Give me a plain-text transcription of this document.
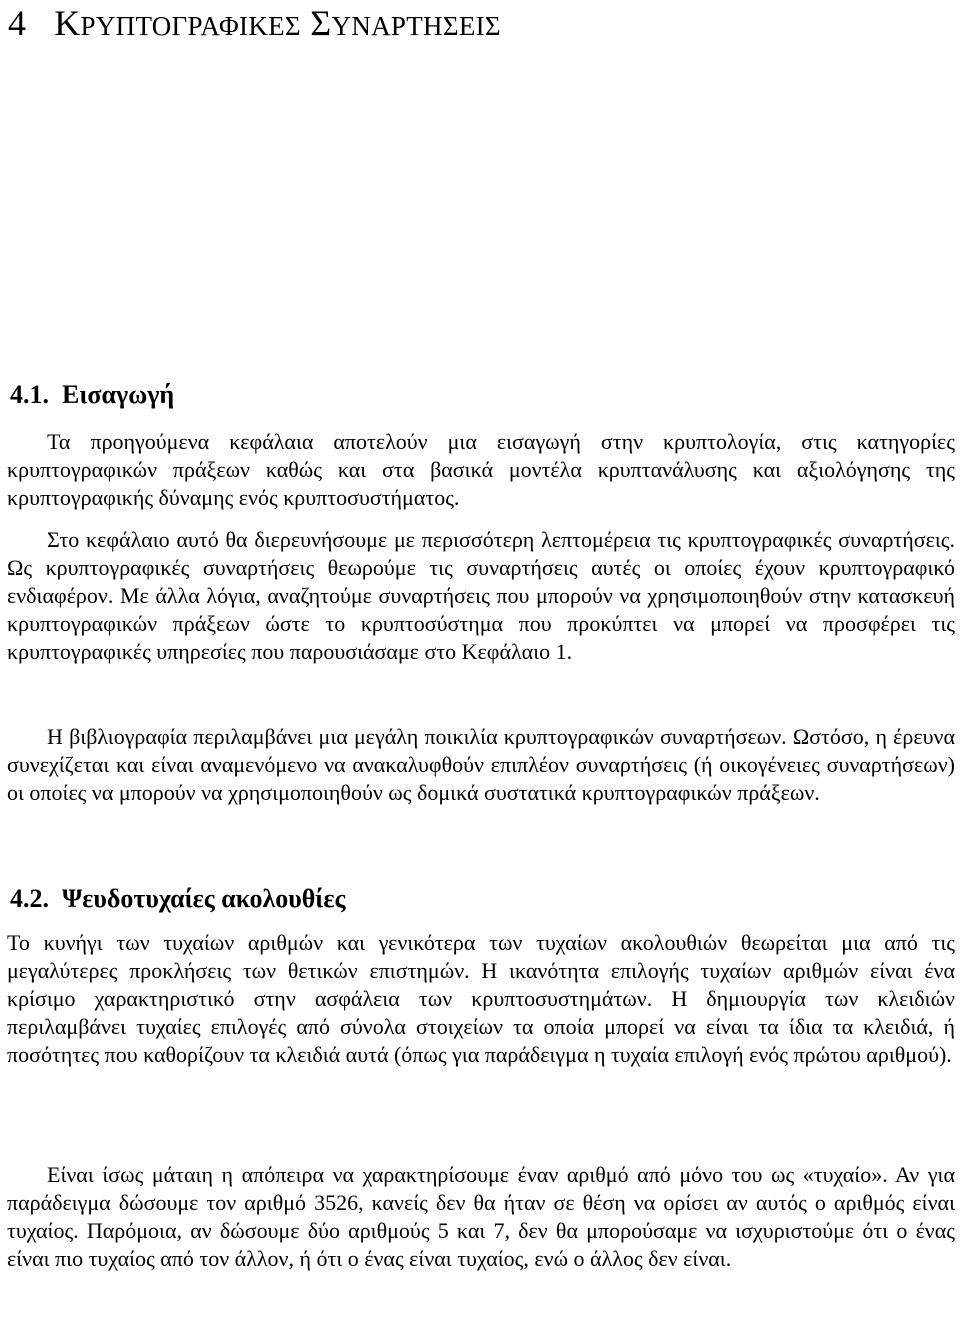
4 ΚΡΥΠΤΟΓΡΑΦΙΚΕΣ ΣΥΝΑΡΤΗΣΕΙΣ
4.1. Εισαγωγή

Τα προηγούμενα κεφάλαια αποτελούν μια εισαγωγή στην κρυπτολογία, στις κατηγορίες κρυπτογραφικών πράξεων καθώς και στα βασικά μοντέλα κρυπτανάλυσης και αξιολόγησης της κρυπτογραφικής δύναμης ενός κρυπτοσυστήματος.

Στο κεφάλαιο αυτό θα διερευνήσουμε με περισσότερη λεπτομέρεια τις κρυπτογραφικές συναρτήσεις. Ως κρυπτογραφικές συναρτήσεις θεωρούμε τις συναρτήσεις αυτές οι οποίες έχουν κρυπτογραφικό ενδιαφέρον. Με άλλα λόγια, αναζητούμε συναρτήσεις που μπορούν να χρησιμοποιηθούν στην κατασκευή κρυπτογραφικών πράξεων ώστε το κρυπτοσύστημα που προκύπτει να μπορεί να προσφέρει τις κρυπτογραφικές υπηρεσίες που παρουσιάσαμε στο Κεφάλαιο 1.

Η βιβλιογραφία περιλαμβάνει μια μεγάλη ποικιλία κρυπτογραφικών συναρτήσεων. Ωστόσο, η έρευνα συνεχίζεται και είναι αναμενόμενο να ανακαλυφθούν επιπλέον συναρτήσεις (ή οικογένειες συναρτήσεων) οι οποίες να μπορούν να χρησιμοποιηθούν ως δομικά συστατικά κρυπτογραφικών πράξεων.

4.2. Ψευδοτυχαίες ακολουθίες

Το κυνήγι των τυχαίων αριθμών και γενικότερα των τυχαίων ακολουθιών θεωρείται μια από τις μεγαλύτερες προκλήσεις των θετικών επιστημών. Η ικανότητα επιλογής τυχαίων αριθμών είναι ένα κρίσιμο χαρακτηριστικό στην ασφάλεια των κρυπτοσυστημάτων. Η δημιουργία των κλειδιών περιλαμβάνει τυχαίες επιλογές από σύνολα στοιχείων τα οποία μπορεί να είναι τα ίδια τα κλειδιά, ή ποσότητες που καθορίζουν τα κλειδιά αυτά (όπως για παράδειγμα η τυχαία επιλογή ενός πρώτου αριθμού).

Είναι ίσως μάταιη η απόπειρα να χαρακτηρίσουμε έναν αριθμό από μόνο του ως «τυχαίο». Αν για παράδειγμα δώσουμε τον αριθμό 3526, κανείς δεν θα ήταν σε θέση να ορίσει αν αυτός ο αριθμός είναι τυχαίος. Παρόμοια, αν δώσουμε δύο αριθμούς 5 και 7, δεν θα μπορούσαμε να ισχυριστούμε ότι ο ένας είναι πιο τυχαίος από τον άλλον, ή ότι ο ένας είναι τυχαίος, ενώ ο άλλος δεν είναι.
